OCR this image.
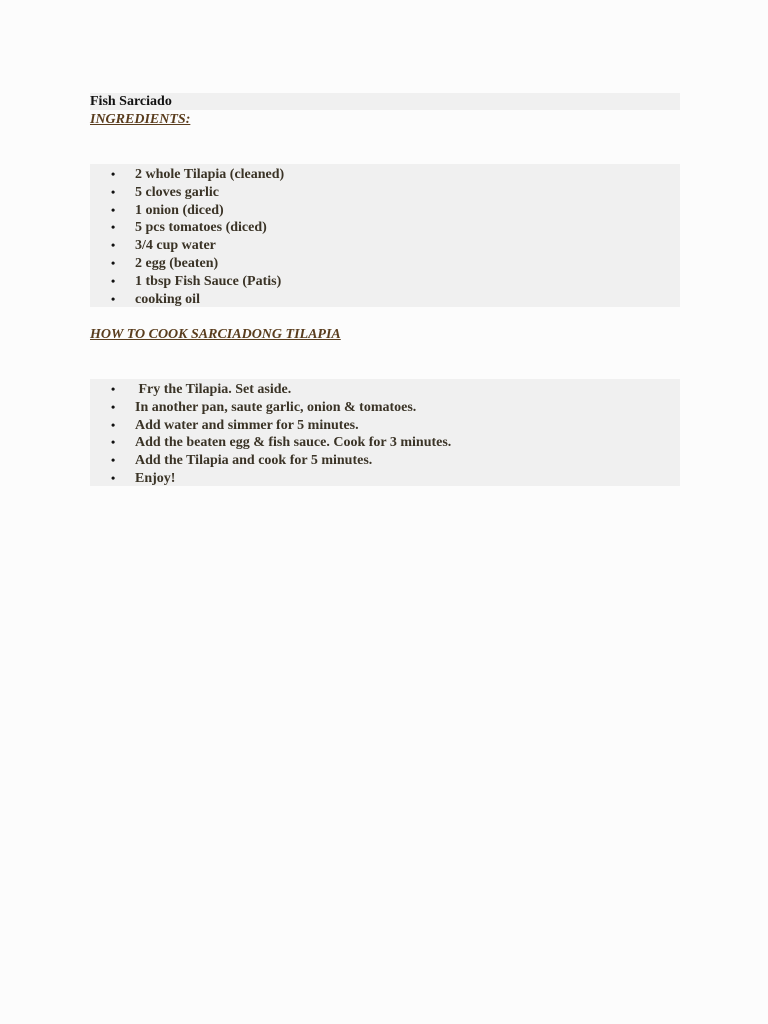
Fish Sarciado
INGREDIENTS:
• 2 whole Tilapia (cleaned)
• 5 cloves garlic
• 1 onion (diced)
• 5 pcs tomatoes (diced)
• 3/4 cup water
• 2 egg (beaten)
• 1 tbsp Fish Sauce (Patis)
• cooking oil
HOW TO COOK SARCIADONG TILAPIA
• Fry the Tilapia. Set aside.
• In another pan, saute garlic, onion & tomatoes.
• Add water and simmer for 5 minutes.
• Add the beaten egg & fish sauce. Cook for 3 minutes.
• Add the Tilapia and cook for 5 minutes.
• Enjoy!
